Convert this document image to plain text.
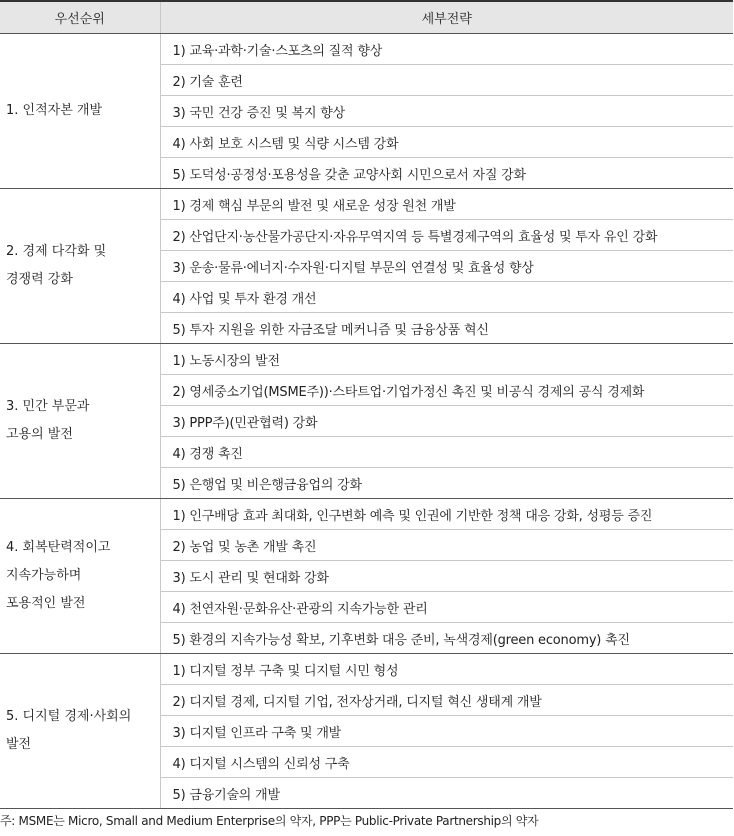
우선순위	세부전략

1. 인적자본 개발	1) 교육·과학·기술·스포츠의 질적 향상
	2) 기술 훈련
	3) 국민 건강 증진 및 복지 향상
	4) 사회 보호 시스템 및 식량 시스템 강화
	5) 도덕성·공정성·포용성을 갖춘 교양사회 시민으로서 자질 강화

2. 경제 다각화 및
경쟁력 강화	1) 경제 핵심 부문의 발전 및 새로운 성장 원천 개발
	2) 산업단지·농산물가공단지·자유무역지역 등 특별경제구역의 효율성 및 투자 유인 강화
	3) 운송·물류·에너지·수자원·디지털 부문의 연결성 및 효율성 향상
	4) 사업 및 투자 환경 개선
	5) 투자 지원을 위한 자금조달 메커니즘 및 금융상품 혁신

3. 민간 부문과
고용의 발전	1) 노동시장의 발전
	2) 영세중소기업(MSME주))·스타트업·기업가정신 촉진 및 비공식 경제의 공식 경제화
	3) PPP주)(민관협력) 강화
	4) 경쟁 촉진
	5) 은행업 및 비은행금융업의 강화

4. 회복탄력적이고
지속가능하며
포용적인 발전	1) 인구배당 효과 최대화, 인구변화 예측 및 인권에 기반한 정책 대응 강화, 성평등 증진
	2) 농업 및 농촌 개발 촉진
	3) 도시 관리 및 현대화 강화
	4) 천연자원·문화유산·관광의 지속가능한 관리
	5) 환경의 지속가능성 확보, 기후변화 대응 준비, 녹색경제(green economy) 촉진

5. 디지털 경제·사회의
발전	1) 디지털 정부 구축 및 디지털 시민 형성
	2) 디지털 경제, 디지털 기업, 전자상거래, 디지털 혁신 생태계 개발
	3) 디지털 인프라 구축 및 개발
	4) 디지털 시스템의 신뢰성 구축
	5) 금융기술의 개발
주: MSME는 Micro, Small and Medium Enterprise의 약자, PPP는 Public-Private Partnership의 약자
